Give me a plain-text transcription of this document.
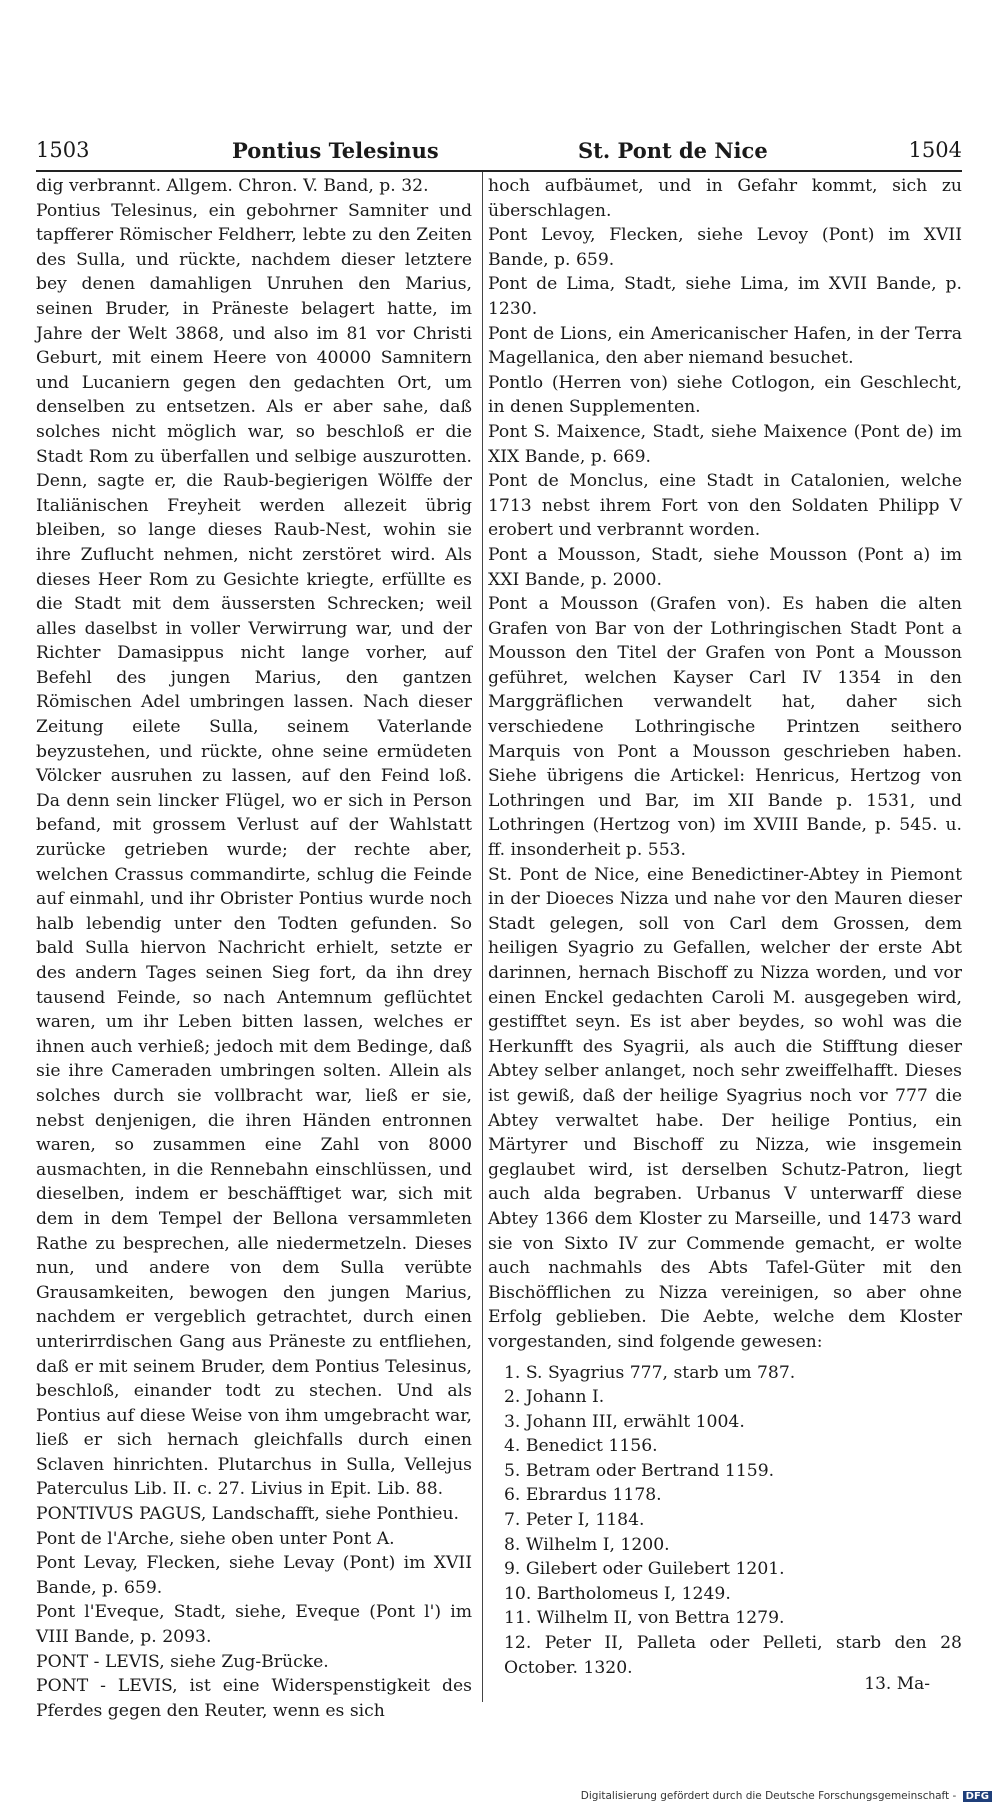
1503	Pontius Telesinus	St. Pont de Nice	1504

dig verbrannt. Allgem. Chron. V. Band, p. 32.

Pontius Telesinus, ein gebohrner Samniter und tapfferer Römischer Feldherr, lebte zu den Zeiten des Sulla, und rückte, nachdem dieser letztere bey denen damahligen Unruhen den Marius, seinen Bruder, in Präneste belagert hatte, im Jahre der Welt 3868, und also im 81 vor Christi Geburt, mit einem Heere von 40000 Samnitern und Lucaniern gegen den gedachten Ort, um denselben zu entsetzen. Als er aber sahe, daß solches nicht möglich war, so beschloß er die Stadt Rom zu überfallen und selbige auszurotten. Denn, sagte er, die Raub-begierigen Wölffe der Italiänischen Freyheit werden allezeit übrig bleiben, so lange dieses Raub-Nest, wohin sie ihre Zuflucht nehmen, nicht zerstöret wird. Als dieses Heer Rom zu Gesichte kriegte, erfüllte es die Stadt mit dem äussersten Schrecken; weil alles daselbst in voller Verwirrung war, und der Richter Damasippus nicht lange vorher, auf Befehl des jungen Marius, den gantzen Römischen Adel umbringen lassen. Nach dieser Zeitung eilete Sulla, seinem Vaterlande beyzustehen, und rückte, ohne seine ermüdeten Völcker ausruhen zu lassen, auf den Feind loß. Da denn sein lincker Flügel, wo er sich in Person befand, mit grossem Verlust auf der Wahlstatt zurücke getrieben wurde; der rechte aber, welchen Crassus commandirte, schlug die Feinde auf einmahl, und ihr Obrister Pontius wurde noch halb lebendig unter den Todten gefunden. So bald Sulla hiervon Nachricht erhielt, setzte er des andern Tages seinen Sieg fort, da ihn drey tausend Feinde, so nach Antemnum geflüchtet waren, um ihr Leben bitten lassen, welches er ihnen auch verhieß; jedoch mit dem Bedinge, daß sie ihre Cameraden umbringen solten. Allein als solches durch sie vollbracht war, ließ er sie, nebst denjenigen, die ihren Händen entronnen waren, so zusammen eine Zahl von 8000 ausmachten, in die Rennebahn einschlüssen, und dieselben, indem er beschäfftiget war, sich mit dem in dem Tempel der Bellona versammleten Rathe zu besprechen, alle niedermetzeln. Dieses nun, und andere von dem Sulla verübte Grausamkeiten, bewogen den jungen Marius, nachdem er vergeblich getrachtet, durch einen unterirrdischen Gang aus Präneste zu entfliehen, daß er mit seinem Bruder, dem Pontius Telesinus, beschloß, einander todt zu stechen. Und als Pontius auf diese Weise von ihm umgebracht war, ließ er sich hernach gleichfalls durch einen Sclaven hinrichten. Plutarchus in Sulla, Vellejus Paterculus Lib. II. c. 27. Livius in Epit. Lib. 88.

PONTIVUS PAGUS, Landschafft, siehe Ponthieu.

Pont de l'Arche, siehe oben unter Pont A.

Pont Levay, Flecken, siehe Levay (Pont) im XVII Bande, p. 659.

Pont l'Eveque, Stadt, siehe, Eveque (Pont l') im VIII Bande, p. 2093.

PONT - LEVIS, siehe Zug-Brücke.

PONT - LEVIS, ist eine Widerspenstigkeit des Pferdes gegen den Reuter, wenn es sich

hoch aufbäumet, und in Gefahr kommt, sich zu überschlagen.

Pont Levoy, Flecken, siehe Levoy (Pont) im XVII Bande, p. 659.

Pont de Lima, Stadt, siehe Lima, im XVII Bande, p. 1230.

Pont de Lions, ein Americanischer Hafen, in der Terra Magellanica, den aber niemand besuchet.

Pontlo (Herren von) siehe Cotlogon, ein Geschlecht, in denen Supplementen.

Pont S. Maixence, Stadt, siehe Maixence (Pont de) im XIX Bande, p. 669.

Pont de Monclus, eine Stadt in Catalonien, welche 1713 nebst ihrem Fort von den Soldaten Philipp V erobert und verbrannt worden.

Pont a Mousson, Stadt, siehe Mousson (Pont a) im XXI Bande, p. 2000.

Pont a Mousson (Grafen von). Es haben die alten Grafen von Bar von der Lothringischen Stadt Pont a Mousson den Titel der Grafen von Pont a Mousson geführet, welchen Kayser Carl IV 1354 in den Marggräflichen verwandelt hat, daher sich verschiedene Lothringische Printzen seithero Marquis von Pont a Mousson geschrieben haben. Siehe übrigens die Artickel: Henricus, Hertzog von Lothringen und Bar, im XII Bande p. 1531, und Lothringen (Hertzog von) im XVIII Bande, p. 545. u. ff. insonderheit p. 553.

St. Pont de Nice, eine Benedictiner-Abtey in Piemont in der Dioeces Nizza und nahe vor den Mauren dieser Stadt gelegen, soll von Carl dem Grossen, dem heiligen Syagrio zu Gefallen, welcher der erste Abt darinnen, hernach Bischoff zu Nizza worden, und vor einen Enckel gedachten Caroli M. ausgegeben wird, gestifftet seyn. Es ist aber beydes, so wohl was die Herkunfft des Syagrii, als auch die Stifftung dieser Abtey selber anlanget, noch sehr zweiffelhafft. Dieses ist gewiß, daß der heilige Syagrius noch vor 777 die Abtey verwaltet habe. Der heilige Pontius, ein Märtyrer und Bischoff zu Nizza, wie insgemein geglaubet wird, ist derselben Schutz-Patron, liegt auch alda begraben. Urbanus V unterwarff diese Abtey 1366 dem Kloster zu Marseille, und 1473 ward sie von Sixto IV zur Commende gemacht, er wolte auch nachmahls des Abts Tafel-Güter mit den Bischöfflichen zu Nizza vereinigen, so aber ohne Erfolg geblieben. Die Aebte, welche dem Kloster vorgestanden, sind folgende gewesen:

1. S. Syagrius 777, starb um 787.
2. Johann I.
3. Johann III, erwählt 1004.
4. Benedict 1156.
5. Betram oder Bertrand 1159.
6. Ebrardus 1178.
7. Peter I, 1184.
8. Wilhelm I, 1200.
9. Gilebert oder Guilebert 1201.
10. Bartholomeus I, 1249.
11. Wilhelm II, von Bettra 1279.
12. Peter II, Palleta oder Pelleti, starb den 28 October. 1320.
13. Ma-
Digitalisierung gefördert durch die Deutsche Forschungsgemeinschaft - DFG
